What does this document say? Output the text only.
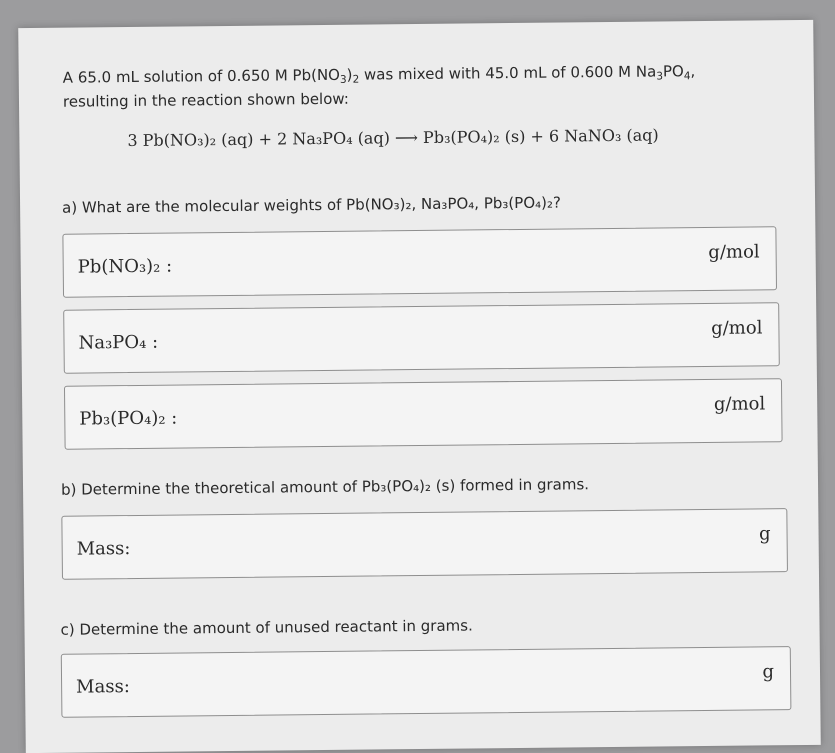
A 65.0 mL solution of 0.650 M $Pb(NO_3)_2$ was mixed with 45.0 mL of 0.600 M $Na_3PO_4$,
resulting in the reaction shown below:
3 Pb(NO₃)₂ (aq) + 2 Na₃PO₄ (aq) ⟶ Pb₃(PO₄)₂ (s) + 6 NaNO₃ (aq)
a) What are the molecular weights of Pb(NO₃)₂, Na₃PO₄, Pb₃(PO₄)₂?
Pb(NO₃)₂ :
g/mol
Na₃PO₄ :
g/mol
Pb₃(PO₄)₂ :
g/mol
b) Determine the theoretical amount of Pb₃(PO₄)₂ (s) formed in grams.
Mass:
g
c) Determine the amount of unused reactant in grams.
Mass:
g
